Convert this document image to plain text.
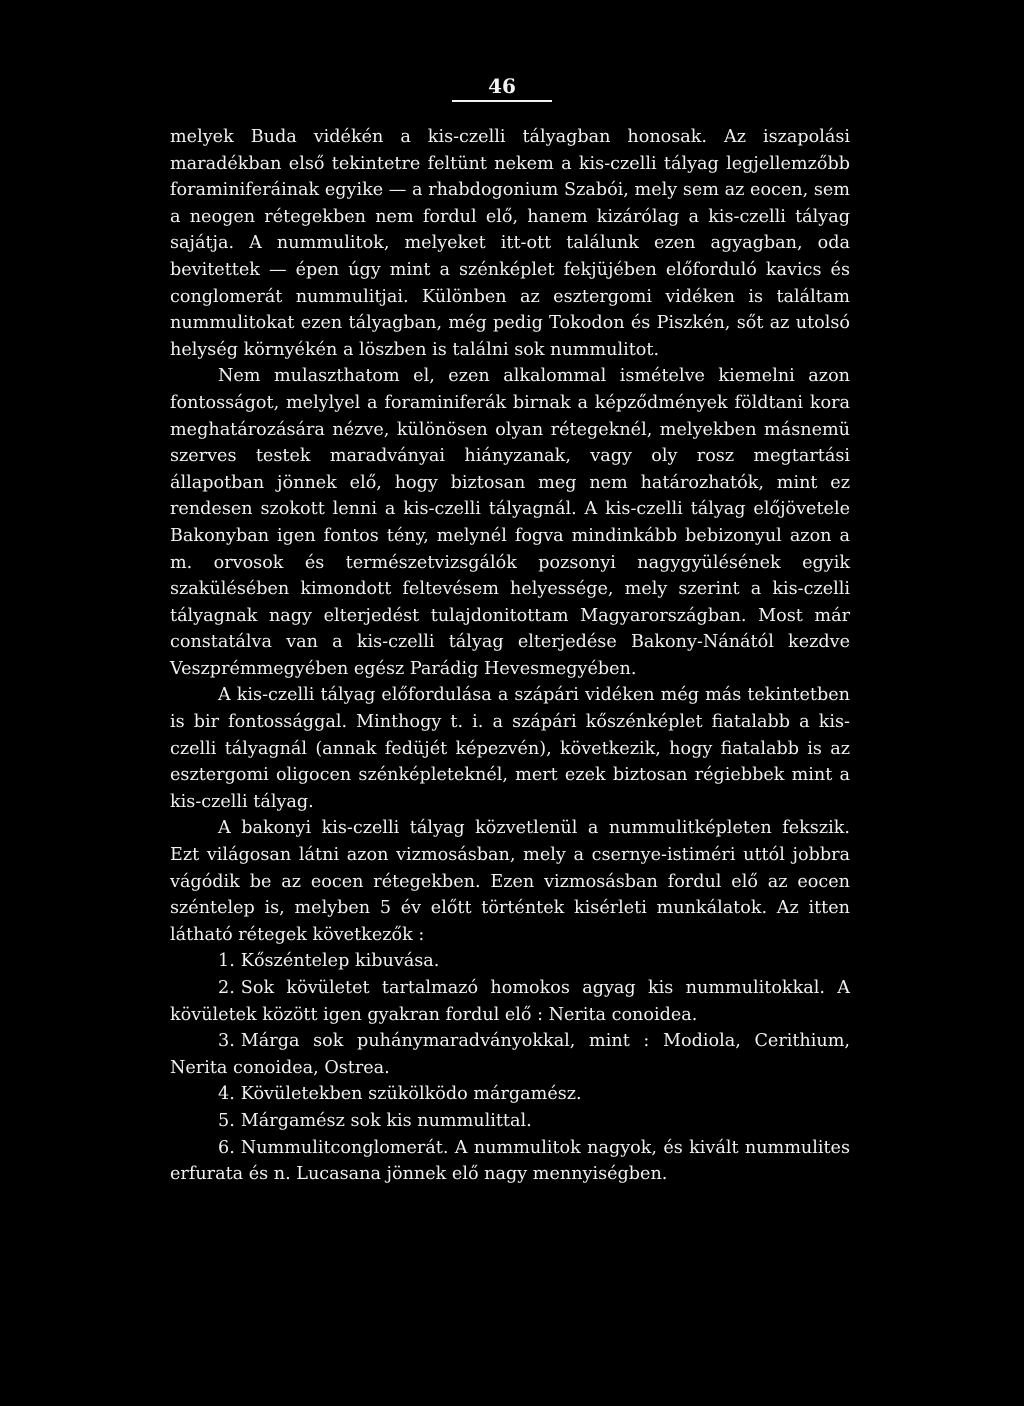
46

melyek Buda vidékén a kis-czelli tályagban honosak. Az iszapolási maradékban első tekintetre feltünt nekem a kis-czelli tályag legjellemzőbb foraminiferáinak egyike — a rhabdogonium Szabói, mely sem az eocen, sem a neogen rétegekben nem fordul elő, hanem kizárólag a kis-czelli tályag sajátja. A nummulitok, melyeket itt-ott találunk ezen agyagban, oda bevitettek — épen úgy mint a szénképlet fekjüjében előforduló kavics és conglomerát nummulitjai. Különben az esztergomi vidéken is találtam nummulitokat ezen tályagban, még pedig Tokodon és Piszkén, sőt az utolsó helység környékén a löszben is találni sok nummulitot.

Nem mulaszthatom el, ezen alkalommal ismételve kiemelni azon fontosságot, melylyel a foraminiferák birnak a képződmények földtani kora meghatározására nézve, különösen olyan rétegeknél, melyekben másnemü szerves testek maradványai hiányzanak, vagy oly rosz megtartási állapotban jönnek elő, hogy biztosan meg nem határozhatók, mint ez rendesen szokott lenni a kis-czelli tályagnál. A kis-czelli tályag előjövetele Bakonyban igen fontos tény, melynél fogva mindinkább bebizonyul azon a m. orvosok és természetvizsgálók pozsonyi nagygyülésének egyik szakülésében kimondott feltevésem helyessége, mely szerint a kis-czelli tályagnak nagy elterjedést tulajdonitottam Magyarországban. Most már constatálva van a kis-czelli tályag elterjedése Bakony-Nánától kezdve Veszprémmegyében egész Parádig Hevesmegyében.

A kis-czelli tályag előfordulása a szápári vidéken még más tekintetben is bir fontossággal. Minthogy t. i. a szápári kőszénképlet fiatalabb a kis-czelli tályagnál (annak fedüjét képezvén), következik, hogy fiatalabb is az esztergomi oligocen szénképleteknél, mert ezek biztosan régiebbek mint a kis-czelli tályag.

A bakonyi kis-czelli tályag közvetlenül a nummulitképleten fekszik. Ezt világosan látni azon vizmosásban, mely a csernye-istiméri uttól jobbra vágódik be az eocen rétegekben. Ezen vizmosásban fordul elő az eocen széntelep is, melyben 5 év előtt történtek kisérleti munkálatok. Az itten látható rétegek következők :

1. Kőszéntelep kibuvása.
2. Sok kövületet tartalmazó homokos agyag kis nummulitokkal. A kövületek között igen gyakran fordul elő : Nerita conoidea.
3. Márga sok puhánymaradványokkal, mint : Modiola, Cerithium, Nerita conoidea, Ostrea.
4. Kövületekben szükölködo márgamész.
5. Márgamész sok kis nummulittal.
6. Nummulitconglomerát. A nummulitok nagyok, és kivált nummulites erfurata és n. Lucasana jönnek elő nagy mennyiségben.
